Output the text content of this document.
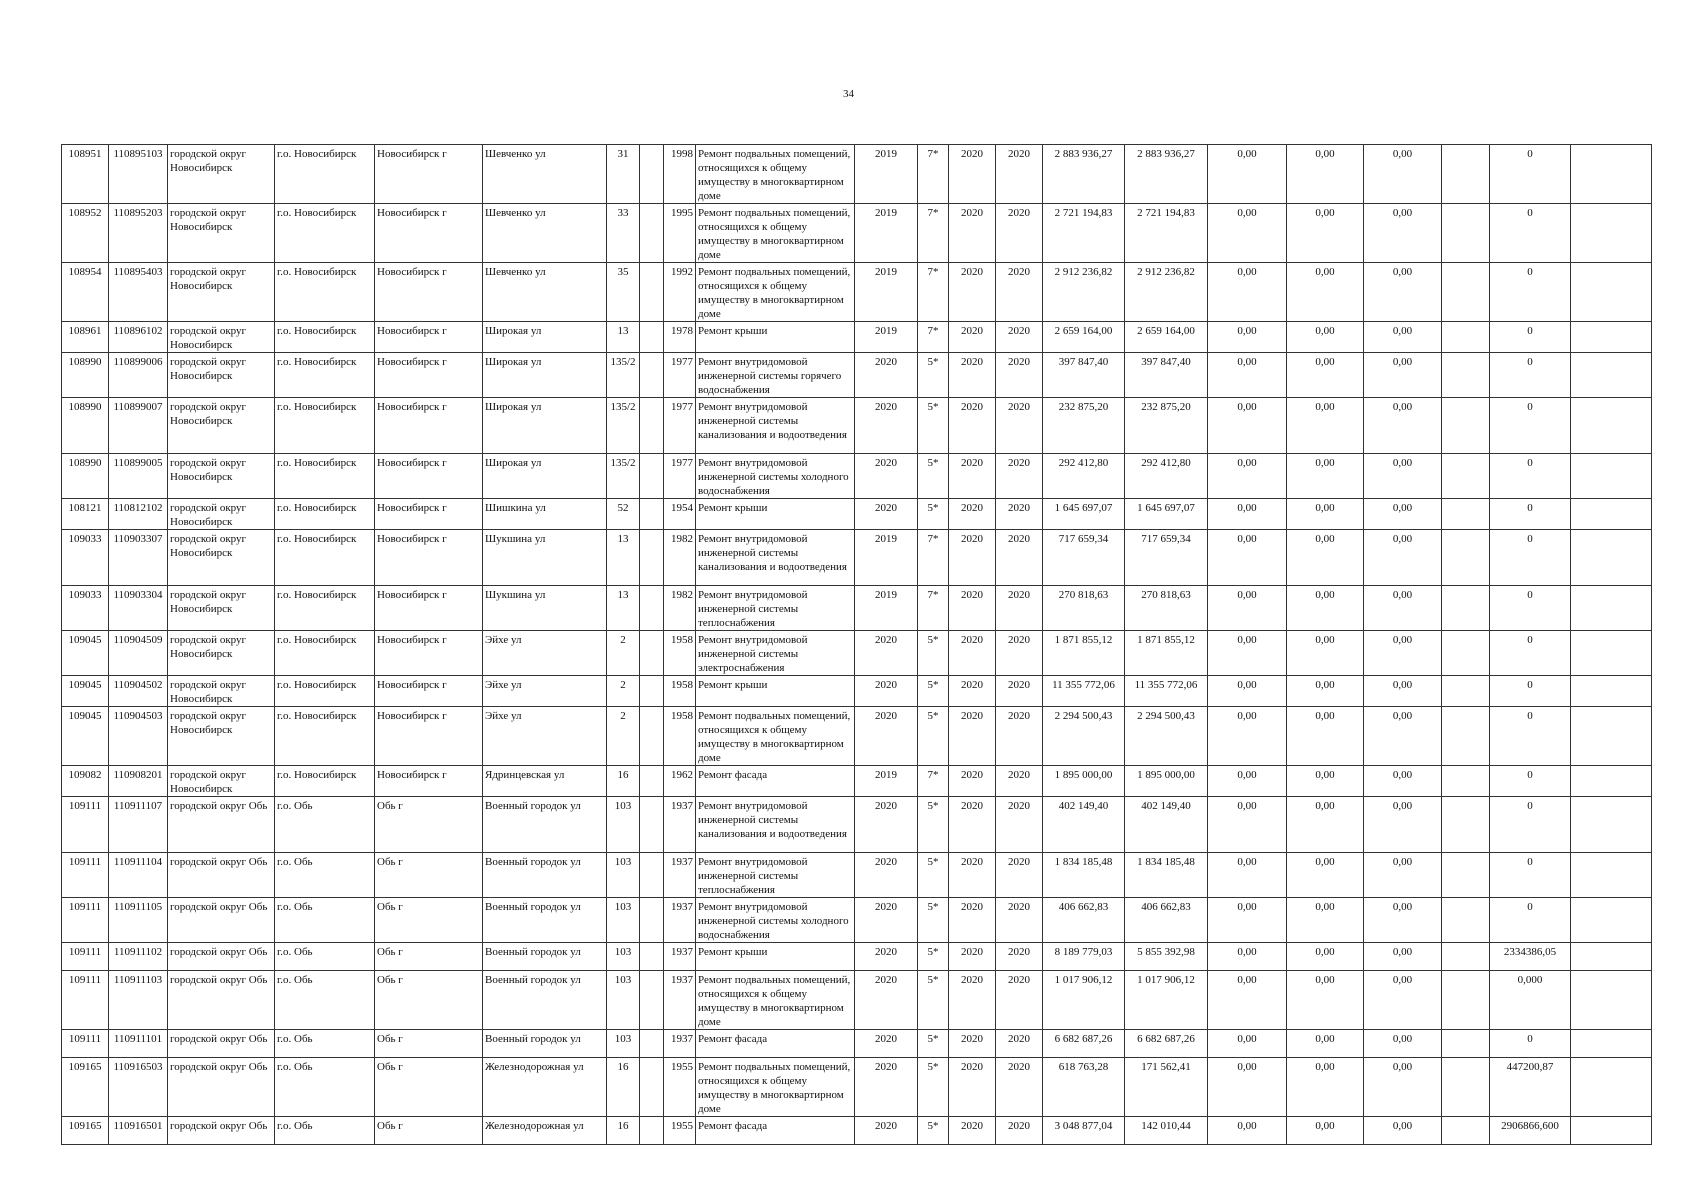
34
108951	110895103	городской округ Новосибирск	г.о. Новосибирск	Новосибирск г	Шевченко ул	31		1998	Ремонт подвальных помещений, относящихся к общему имуществу в многоквартирном доме	2019	7*	2020	2020	2 883 936,27	2 883 936,27	0,00	0,00	0,00		0	
108952	110895203	городской округ Новосибирск	г.о. Новосибирск	Новосибирск г	Шевченко ул	33		1995	Ремонт подвальных помещений, относящихся к общему имуществу в многоквартирном доме	2019	7*	2020	2020	2 721 194,83	2 721 194,83	0,00	0,00	0,00		0	
108954	110895403	городской округ Новосибирск	г.о. Новосибирск	Новосибирск г	Шевченко ул	35		1992	Ремонт подвальных помещений, относящихся к общему имуществу в многоквартирном доме	2019	7*	2020	2020	2 912 236,82	2 912 236,82	0,00	0,00	0,00		0	
108961	110896102	городской округ Новосибирск	г.о. Новосибирск	Новосибирск г	Широкая ул	13		1978	Ремонт крыши	2019	7*	2020	2020	2 659 164,00	2 659 164,00	0,00	0,00	0,00		0	
108990	110899006	городской округ Новосибирск	г.о. Новосибирск	Новосибирск г	Широкая ул	135/2		1977	Ремонт внутридомовой инженерной системы горячего водоснабжения	2020	5*	2020	2020	397 847,40	397 847,40	0,00	0,00	0,00		0	
108990	110899007	городской округ Новосибирск	г.о. Новосибирск	Новосибирск г	Широкая ул	135/2		1977	Ремонт внутридомовой инженерной системы канализования и водоотведения	2020	5*	2020	2020	232 875,20	232 875,20	0,00	0,00	0,00		0	
108990	110899005	городской округ Новосибирск	г.о. Новосибирск	Новосибирск г	Широкая ул	135/2		1977	Ремонт внутридомовой инженерной системы холодного водоснабжения	2020	5*	2020	2020	292 412,80	292 412,80	0,00	0,00	0,00		0	
108121	110812102	городской округ Новосибирск	г.о. Новосибирск	Новосибирск г	Шишкина ул	52		1954	Ремонт крыши	2020	5*	2020	2020	1 645 697,07	1 645 697,07	0,00	0,00	0,00		0	
109033	110903307	городской округ Новосибирск	г.о. Новосибирск	Новосибирск г	Шукшина ул	13		1982	Ремонт внутридомовой инженерной системы канализования и водоотведения	2019	7*	2020	2020	717 659,34	717 659,34	0,00	0,00	0,00		0	
109033	110903304	городской округ Новосибирск	г.о. Новосибирск	Новосибирск г	Шукшина ул	13		1982	Ремонт внутридомовой инженерной системы теплоснабжения	2019	7*	2020	2020	270 818,63	270 818,63	0,00	0,00	0,00		0	
109045	110904509	городской округ Новосибирск	г.о. Новосибирск	Новосибирск г	Эйхе ул	2		1958	Ремонт внутридомовой инженерной системы электроснабжения	2020	5*	2020	2020	1 871 855,12	1 871 855,12	0,00	0,00	0,00		0	
109045	110904502	городской округ Новосибирск	г.о. Новосибирск	Новосибирск г	Эйхе ул	2		1958	Ремонт крыши	2020	5*	2020	2020	11 355 772,06	11 355 772,06	0,00	0,00	0,00		0	
109045	110904503	городской округ Новосибирск	г.о. Новосибирск	Новосибирск г	Эйхе ул	2		1958	Ремонт подвальных помещений, относящихся к общему имуществу в многоквартирном доме	2020	5*	2020	2020	2 294 500,43	2 294 500,43	0,00	0,00	0,00		0	
109082	110908201	городской округ Новосибирск	г.о. Новосибирск	Новосибирск г	Ядринцевская ул	16		1962	Ремонт фасада	2019	7*	2020	2020	1 895 000,00	1 895 000,00	0,00	0,00	0,00		0	
109111	110911107	городской округ Обь	г.о. Обь	Обь г	Военный городок ул	103		1937	Ремонт внутридомовой инженерной системы канализования и водоотведения	2020	5*	2020	2020	402 149,40	402 149,40	0,00	0,00	0,00		0	
109111	110911104	городской округ Обь	г.о. Обь	Обь г	Военный городок ул	103		1937	Ремонт внутридомовой инженерной системы теплоснабжения	2020	5*	2020	2020	1 834 185,48	1 834 185,48	0,00	0,00	0,00		0	
109111	110911105	городской округ Обь	г.о. Обь	Обь г	Военный городок ул	103		1937	Ремонт внутридомовой инженерной системы холодного водоснабжения	2020	5*	2020	2020	406 662,83	406 662,83	0,00	0,00	0,00		0	
109111	110911102	городской округ Обь	г.о. Обь	Обь г	Военный городок ул	103		1937	Ремонт крыши	2020	5*	2020	2020	8 189 779,03	5 855 392,98	0,00	0,00	0,00		2334386,05	
109111	110911103	городской округ Обь	г.о. Обь	Обь г	Военный городок ул	103		1937	Ремонт подвальных помещений, относящихся к общему имуществу в многоквартирном доме	2020	5*	2020	2020	1 017 906,12	1 017 906,12	0,00	0,00	0,00		0,000	
109111	110911101	городской округ Обь	г.о. Обь	Обь г	Военный городок ул	103		1937	Ремонт фасада	2020	5*	2020	2020	6 682 687,26	6 682 687,26	0,00	0,00	0,00		0	
109165	110916503	городской округ Обь	г.о. Обь	Обь г	Железнодорожная ул	16		1955	Ремонт подвальных помещений, относящихся к общему имуществу в многоквартирном доме	2020	5*	2020	2020	618 763,28	171 562,41	0,00	0,00	0,00		447200,87	
109165	110916501	городской округ Обь	г.о. Обь	Обь г	Железнодорожная ул	16		1955	Ремонт фасада	2020	5*	2020	2020	3 048 877,04	142 010,44	0,00	0,00	0,00		2906866,600	
